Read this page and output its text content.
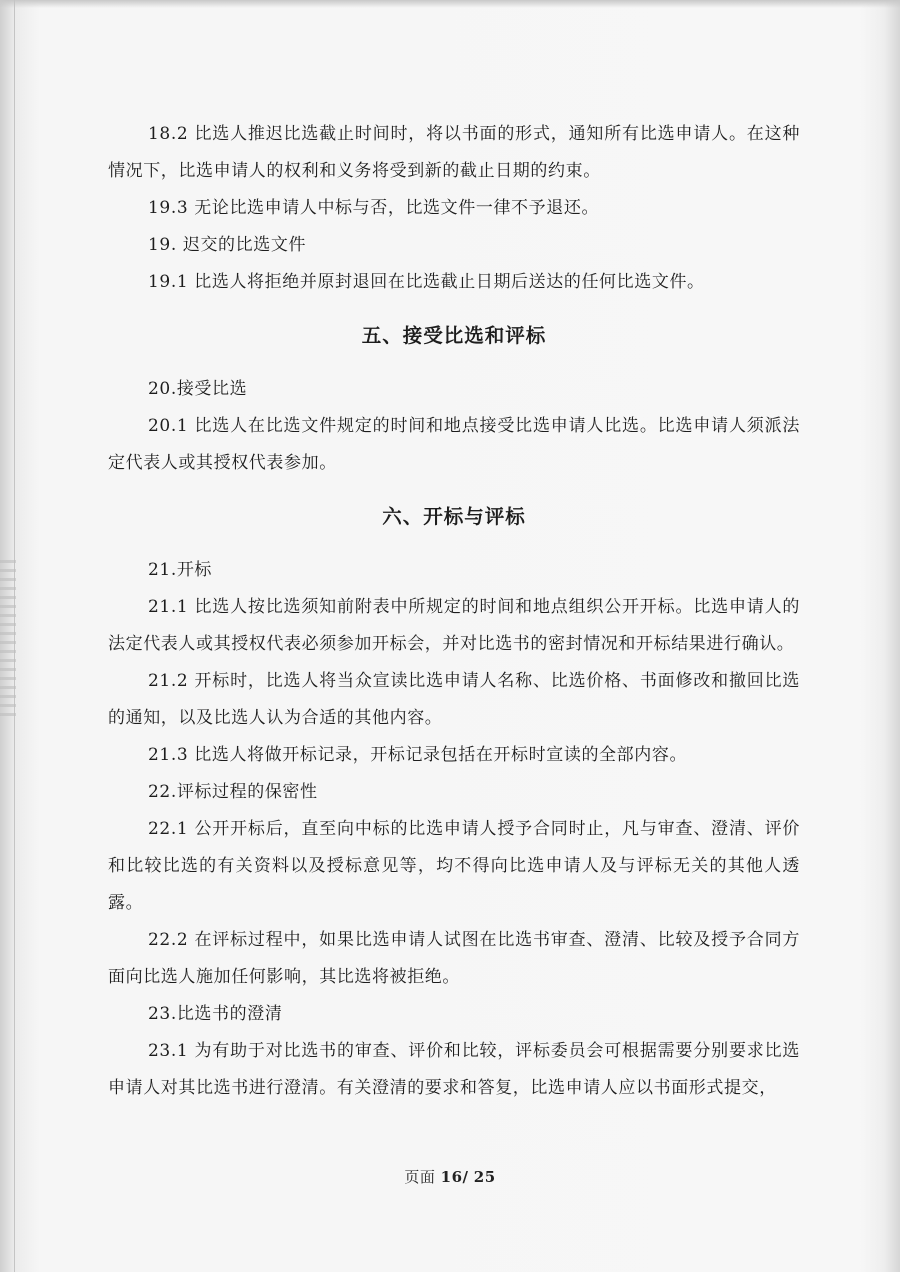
18.2 比选人推迟比选截止时间时，将以书面的形式，通知所有比选申请人。在这种情况下，比选申请人的权利和义务将受到新的截止日期的约束。

19.3 无论比选申请人中标与否，比选文件一律不予退还。

19. 迟交的比选文件

19.1 比选人将拒绝并原封退回在比选截止日期后送达的任何比选文件。

五、接受比选和评标

20.接受比选

20.1 比选人在比选文件规定的时间和地点接受比选申请人比选。比选申请人须派法定代表人或其授权代表参加。

六、开标与评标

21.开标

21.1 比选人按比选须知前附表中所规定的时间和地点组织公开开标。比选申请人的法定代表人或其授权代表必须参加开标会，并对比选书的密封情况和开标结果进行确认。

21.2 开标时，比选人将当众宣读比选申请人名称、比选价格、书面修改和撤回比选的通知，以及比选人认为合适的其他内容。

21.3 比选人将做开标记录，开标记录包括在开标时宣读的全部内容。

22.评标过程的保密性

22.1 公开开标后，直至向中标的比选申请人授予合同时止，凡与审查、澄清、评价和比较比选的有关资料以及授标意见等，均不得向比选申请人及与评标无关的其他人透露。

22.2 在评标过程中，如果比选申请人试图在比选书审查、澄清、比较及授予合同方面向比选人施加任何影响，其比选将被拒绝。

23.比选书的澄清

23.1 为有助于对比选书的审查、评价和比较，评标委员会可根据需要分别要求比选申请人对其比选书进行澄清。有关澄清的要求和答复，比选申请人应以书面形式提交，

页面 16/ 25
